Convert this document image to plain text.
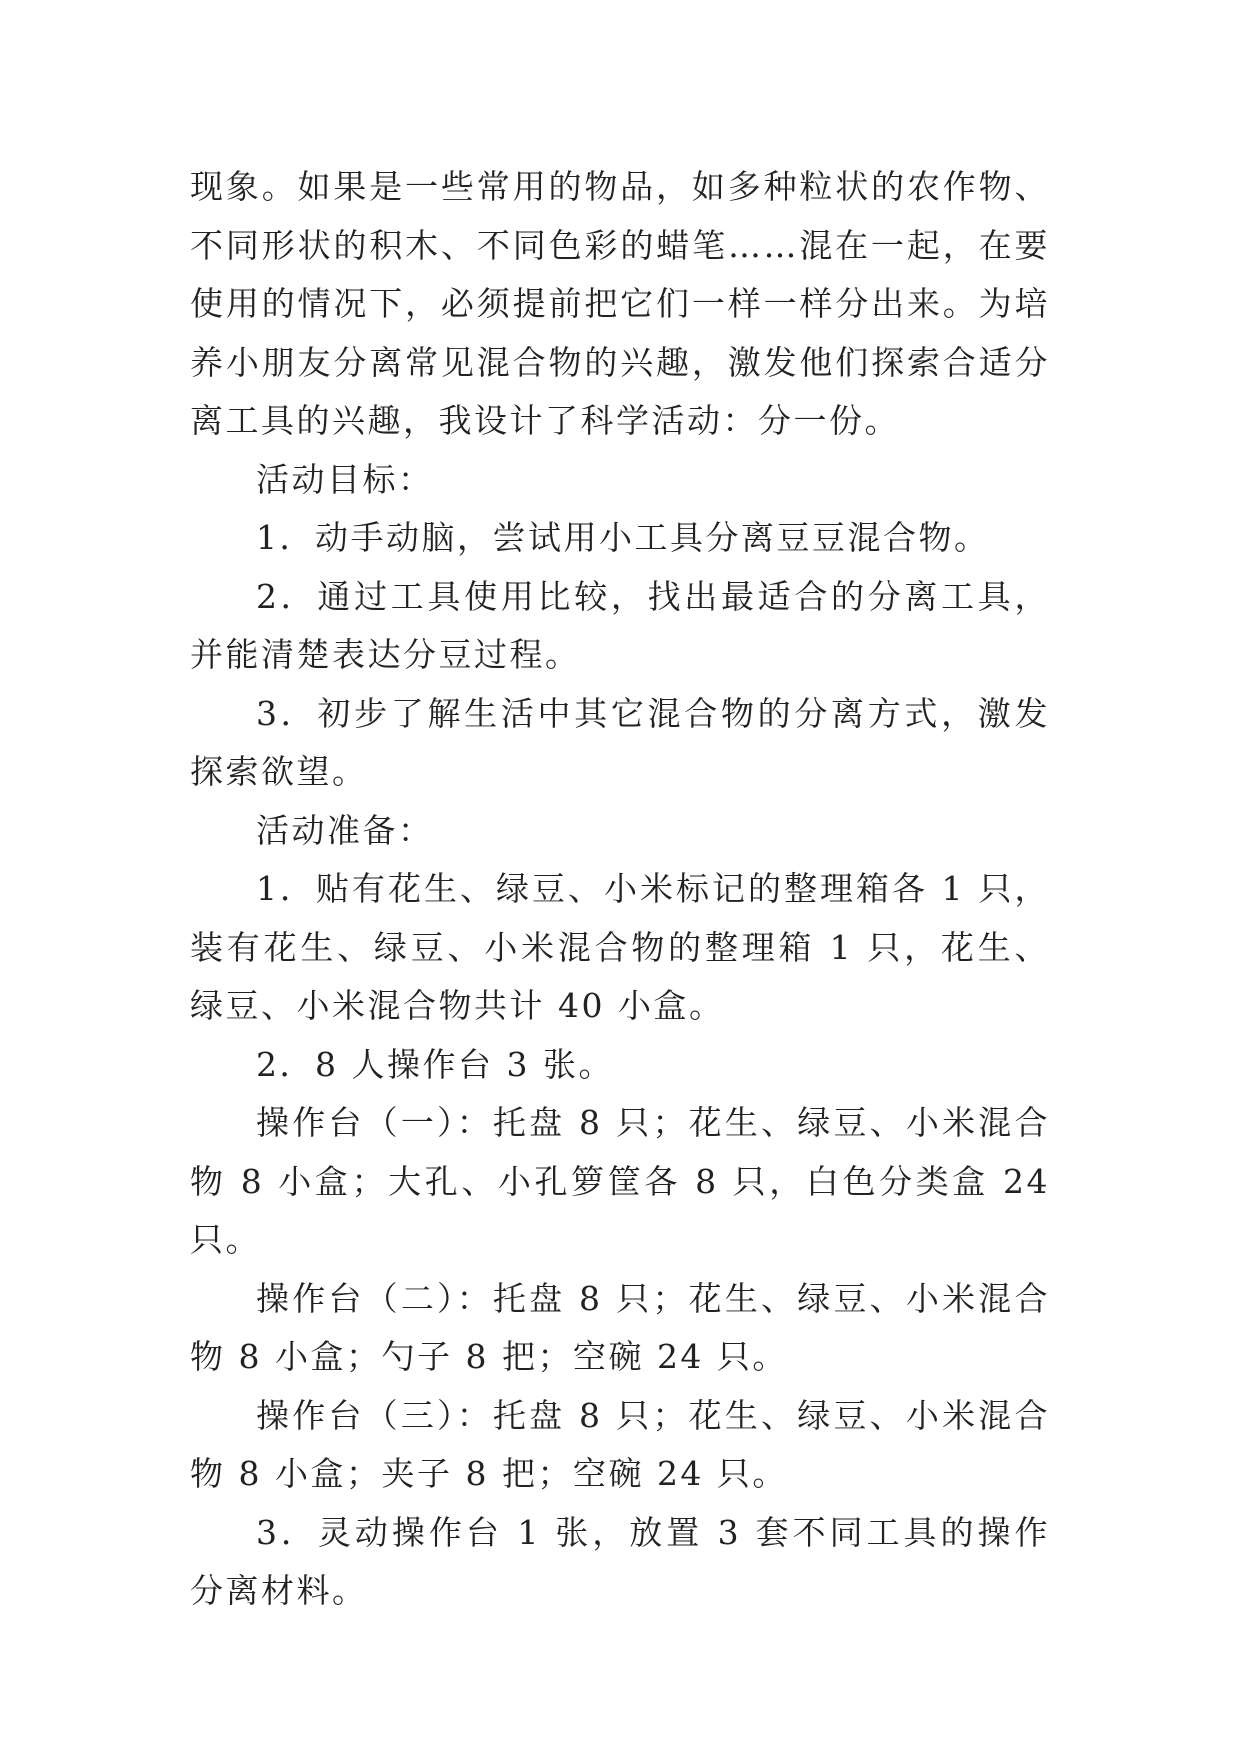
现象。如果是一些常用的物品，如多种粒状的农作物、不同形状的积木、不同色彩的蜡笔……混在一起，在要使用的情况下，必须提前把它们一样一样分出来。为培养小朋友分离常见混合物的兴趣，激发他们探索合适分离工具的兴趣，我设计了科学活动：分一份。

活动目标：

1．动手动脑，尝试用小工具分离豆豆混合物。

2．通过工具使用比较，找出最适合的分离工具，并能清楚表达分豆过程。

3．初步了解生活中其它混合物的分离方式，激发探索欲望。

活动准备：

1．贴有花生、绿豆、小米标记的整理箱各 1 只，装有花生、绿豆、小米混合物的整理箱 1 只，花生、绿豆、小米混合物共计 40 小盒。

2．8 人操作台 3 张。

操作台（一）：托盘 8 只；花生、绿豆、小米混合物 8 小盒；大孔、小孔箩筐各 8 只，白色分类盒 24 只。

操作台（二）：托盘 8 只；花生、绿豆、小米混合物 8 小盒；勺子 8 把；空碗 24 只。

操作台（三）：托盘 8 只；花生、绿豆、小米混合物 8 小盒；夹子 8 把；空碗 24 只。

3．灵动操作台 1 张，放置 3 套不同工具的操作分离材料。
